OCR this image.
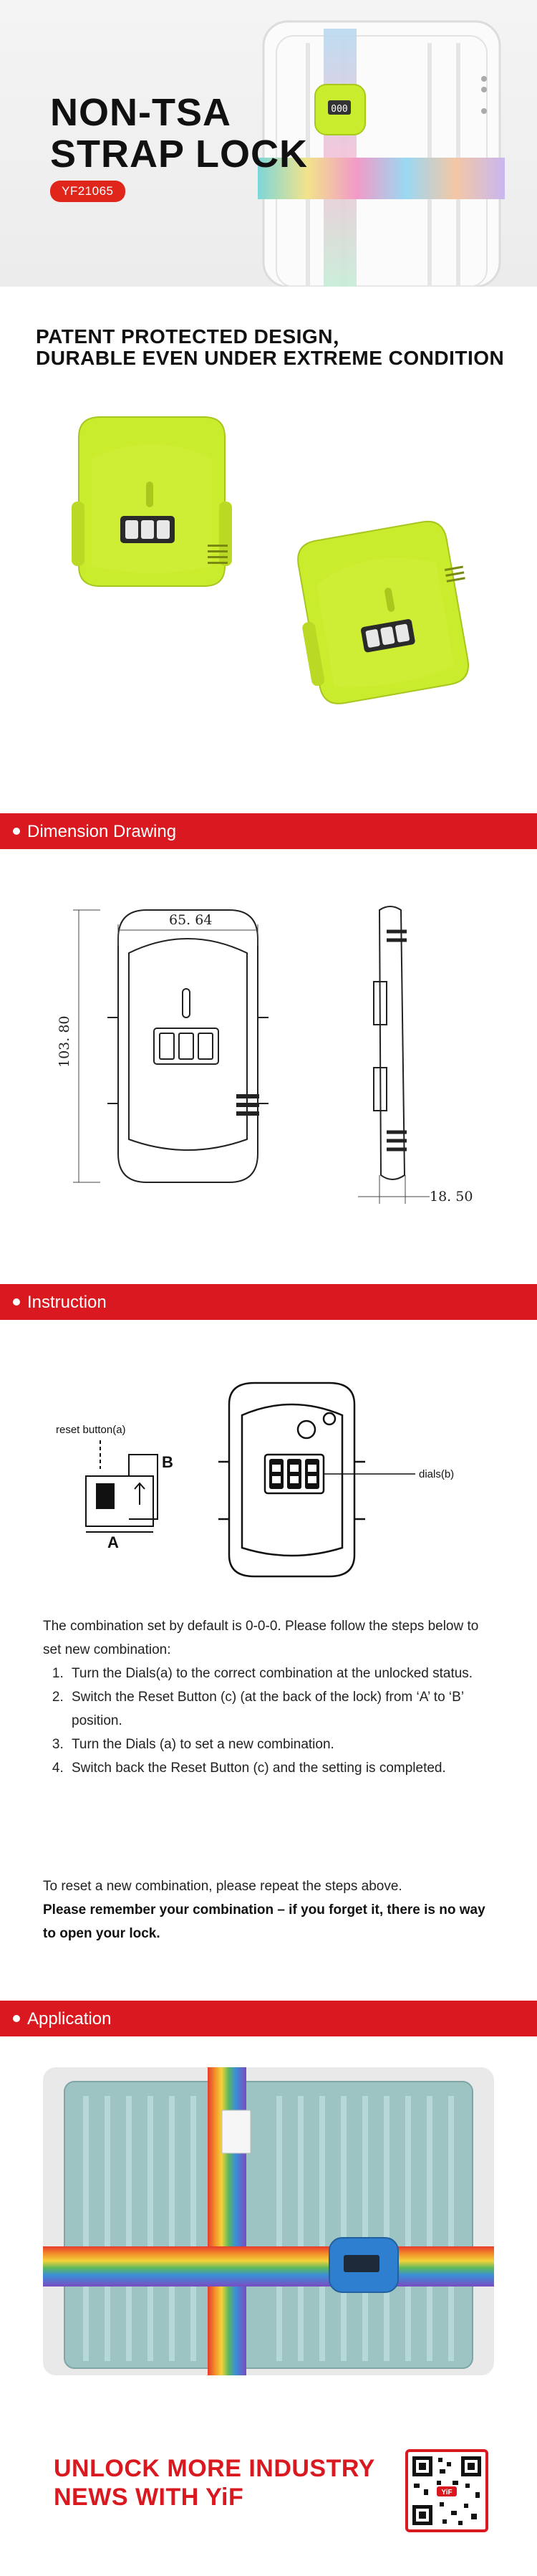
000
NON-TSA
STRAP LOCK
YF21065
PATENT PROTECTED DESIGN，
DURABLE EVEN UNDER EXTREME CONDITION
Dimension Drawing
65. 64
103. 80
18. 50
Instruction
reset button(a)
B
A
dials(b)
The combination set by default is 0-0-0. Please follow the steps below to set new combination:
1. Turn the Dials(a) to the correct combination at the unlocked status.
2. Switch the Reset Button (c) (at the back of the lock) from ‘A’ to ‘B’ position.
3. Turn the Dials (a) to set a new combination.
4. Switch back the Reset Button (c) and the setting is completed.
To reset a new combination, please repeat the steps above.
Please remember your combination – if you forget it, there is no way to open your lock.
Application
UNLOCK MORE INDUSTRY
NEWS WITH YiF	YiF
